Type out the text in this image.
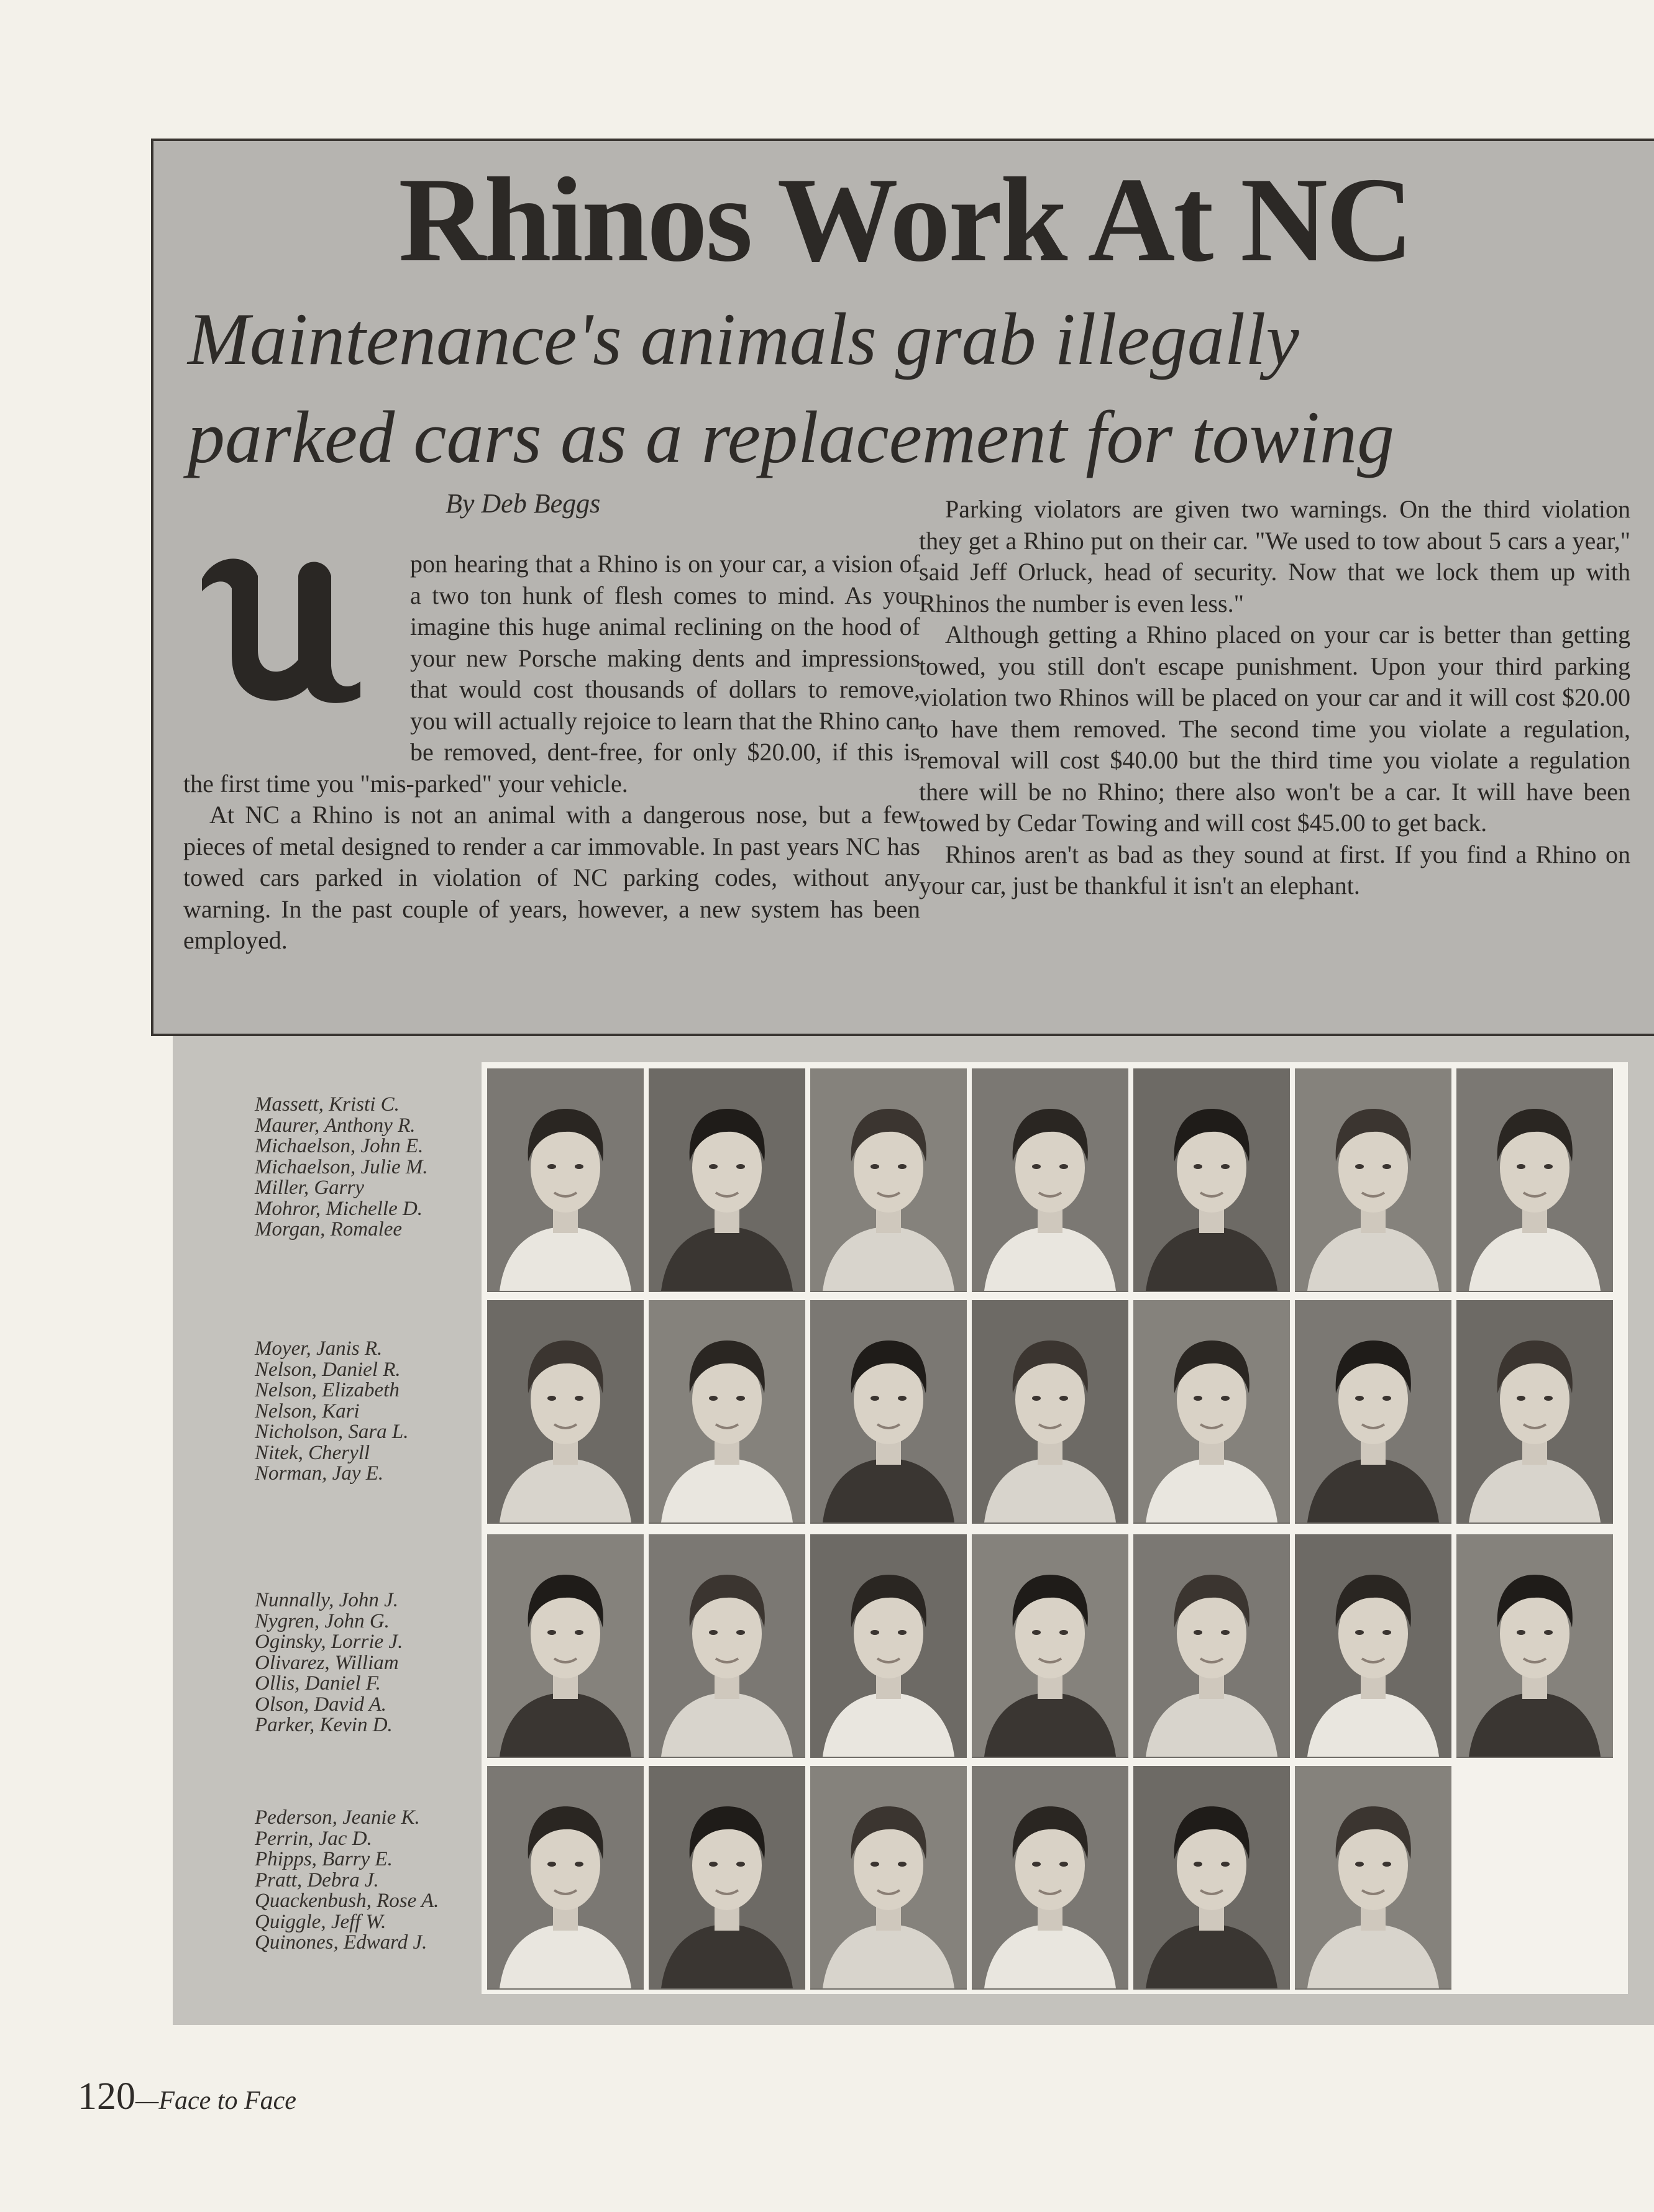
Rhinos Work At NC
Maintenance's animals grab illegally
parked cars as a replacement for towing
By Deb Beggs

pon hearing that a Rhino is on your car, a vision of a two ton hunk of flesh comes to mind. As you imagine this huge animal reclining on the hood of your new Porsche making dents and impressions that would cost thousands of dollars to remove, you will actually rejoice to learn that the Rhino can be removed, dent-free, for only $20.00, if this is the first time you "mis-parked" your vehicle.

At NC a Rhino is not an animal with a dangerous nose, but a few pieces of metal designed to render a car immovable. In past years NC has towed cars parked in violation of NC parking codes, without any warning. In the past couple of years, however, a new system has been employed.

Parking violators are given two warnings. On the third violation they get a Rhino put on their car. "We used to tow about 5 cars a year," said Jeff Orluck, head of security. Now that we lock them up with Rhinos the number is even less."

Although getting a Rhino placed on your car is better than getting towed, you still don't escape punishment. Upon your third parking violation two Rhinos will be placed on your car and it will cost $20.00 to have them removed. The second time you violate a regulation, removal will cost $40.00 but the third time you violate a regulation there will be no Rhino; there also won't be a car. It will have been towed by Cedar Towing and will cost $45.00 to get back.

Rhinos aren't as bad as they sound at first. If you find a Rhino on your car, just be thankful it isn't an elephant.

Massett, Kristi C.
Maurer, Anthony R.
Michaelson, John E.
Michaelson, Julie M.
Miller, Garry
Mohror, Michelle D.
Morgan, Romalee
Moyer, Janis R.
Nelson, Daniel R.
Nelson, Elizabeth
Nelson, Kari
Nicholson, Sara L.
Nitek, Cheryll
Norman, Jay E.
Nunnally, John J.
Nygren, John G.
Oginsky, Lorrie J.
Olivarez, William
Ollis, Daniel F.
Olson, David A.
Parker, Kevin D.
Pederson, Jeanie K.
Perrin, Jac D.
Phipps, Barry E.
Pratt, Debra J.
Quackenbush, Rose A.
Quiggle, Jeff W.
Quinones, Edward J.
120—Face to Face
